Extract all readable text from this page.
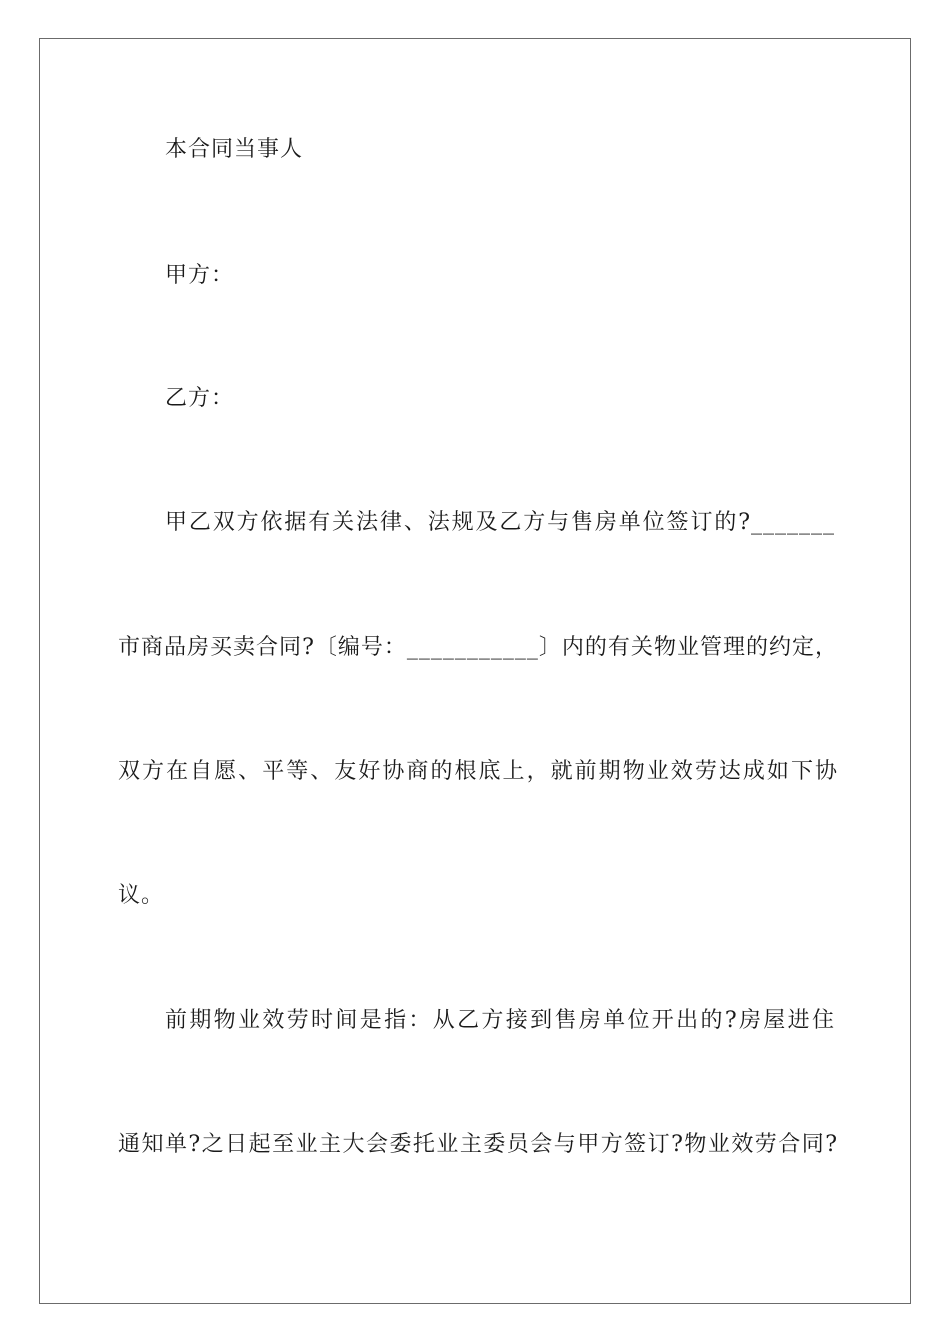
本合同当事人
甲方：
乙方：
甲乙双方依据有关法律、法规及乙方与售房单位签订的?_______
市商品房买卖合同?〔编号：___________〕内的有关物业管理的约定，
双方在自愿、平等、友好协商的根底上，就前期物业效劳达成如下协
议。
前期物业效劳时间是指：从乙方接到售房单位开出的?房屋进住
通知单?之日起至业主大会委托业主委员会与甲方签订?物业效劳合同?
